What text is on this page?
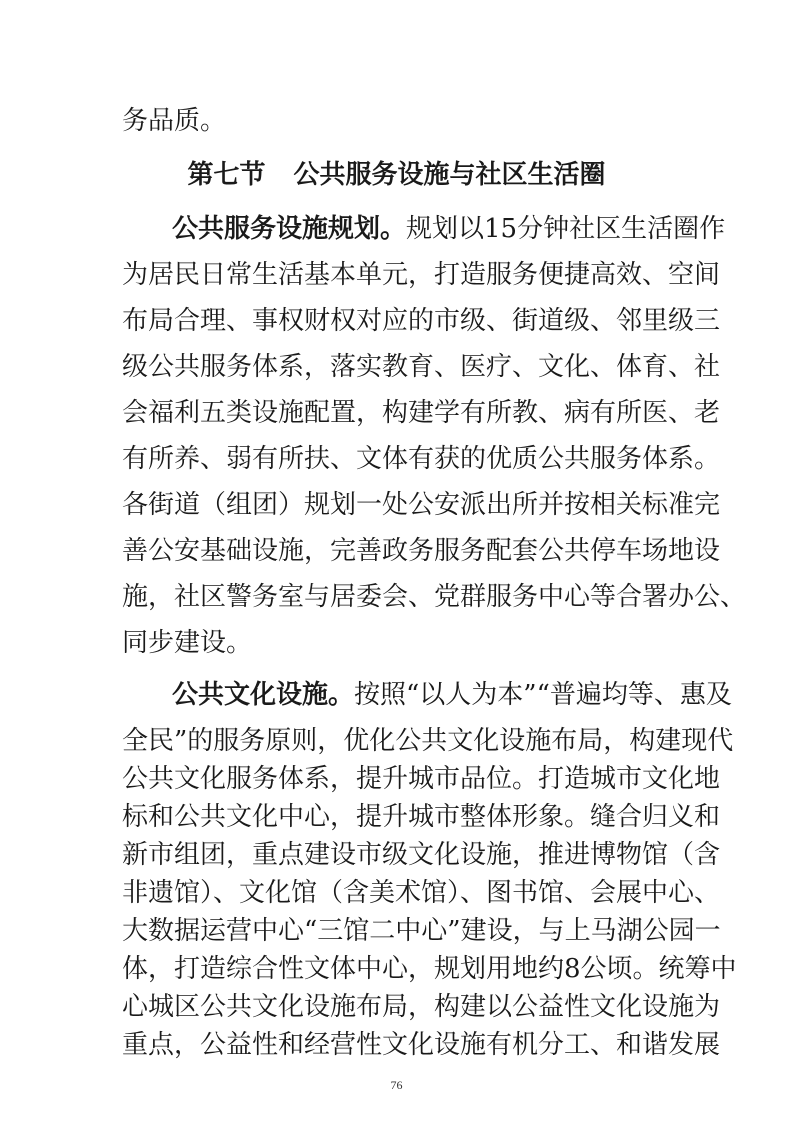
务品质。
第七节 公共服务设施与社区生活圈
公共服务设施规划。规划以15分钟社区生活圈作
为居民日常生活基本单元，打造服务便捷高效、空间
布局合理、事权财权对应的市级、街道级、邻里级三
级公共服务体系，落实教育、医疗、文化、体育、社
会福利五类设施配置，构建学有所教、病有所医、老
有所养、弱有所扶、文体有获的优质公共服务体系。
各街道（组团）规划一处公安派出所并按相关标准完
善公安基础设施，完善政务服务配套公共停车场地设
施，社区警务室与居委会、党群服务中心等合署办公、
同步建设。
公共文化设施。按照“以人为本”“普遍均等、惠及
全民”的服务原则，优化公共文化设施布局，构建现代
公共文化服务体系，提升城市品位。打造城市文化地
标和公共文化中心，提升城市整体形象。缝合归义和
新市组团，重点建设市级文化设施，推进博物馆（含
非遗馆）、文化馆（含美术馆）、图书馆、会展中心、
大数据运营中心“三馆二中心”建设，与上马湖公园一
体，打造综合性文体中心，规划用地约8公顷。统筹中
76
心城区公共文化设施布局，构建以公益性文化设施为
重点，公益性和经营性文化设施有机分工、和谐发展
